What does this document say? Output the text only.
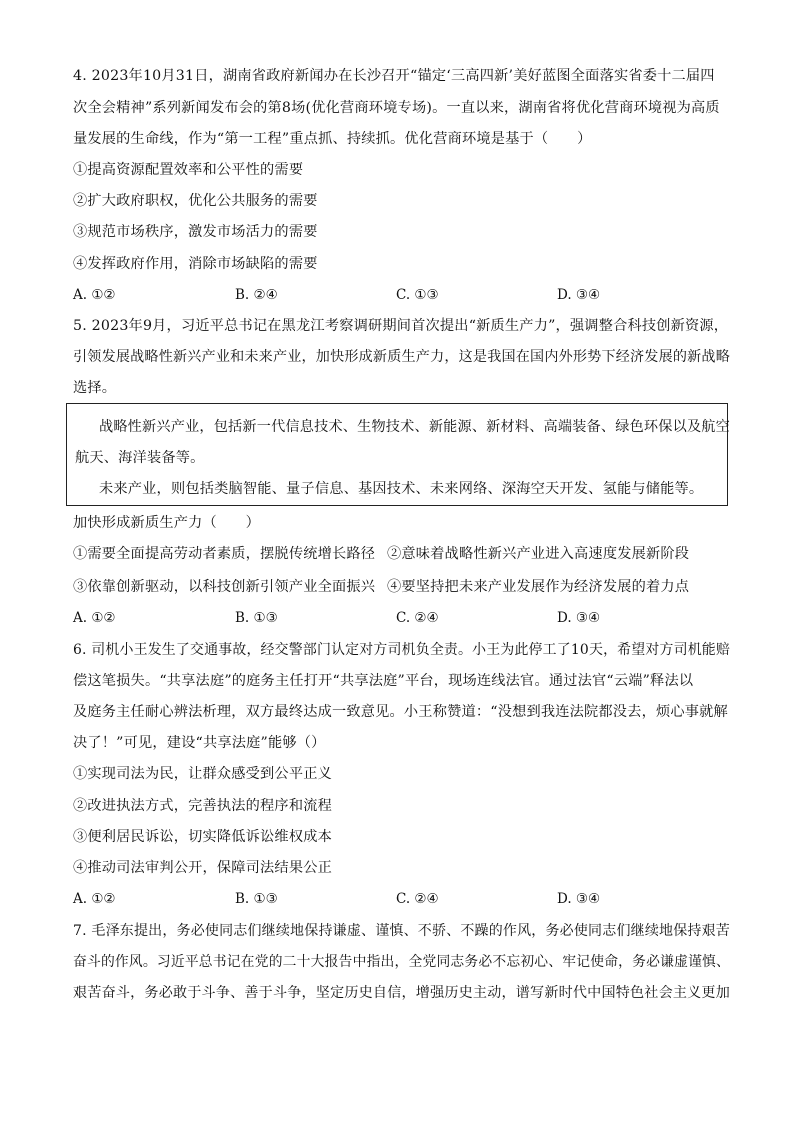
4. 2023年10月31日，湖南省政府新闻办在长沙召开“锚定‘三高四新’美好蓝图全面落实省委十二届四
次全会精神”系列新闻发布会的第8场(优化营商环境专场)。一直以来，湖南省将优化营商环境视为高质
量发展的生命线，作为“第一工程”重点抓、持续抓。优化营商环境是基于（　　）
①提高资源配置效率和公平性的需要
②扩大政府职权，优化公共服务的需要
③规范市场秩序，激发市场活力的需要
④发挥政府作用，消除市场缺陷的需要
A. ①②	B. ②④	C. ①③	D. ③④
5. 2023年9月，习近平总书记在黑龙江考察调研期间首次提出“新质生产力”，强调整合科技创新资源，
引领发展战略性新兴产业和未来产业，加快形成新质生产力，这是我国在国内外形势下经济发展的新战略
选择。
战略性新兴产业，包括新一代信息技术、生物技术、新能源、新材料、高端装备、绿色环保以及航空
航天、海洋装备等。
未来产业，则包括类脑智能、量子信息、基因技术、未来网络、深海空天开发、氢能与储能等。
加快形成新质生产力（　　）
①需要全面提高劳动者素质，摆脱传统增长路径 ②意味着战略性新兴产业进入高速度发展新阶段
③依靠创新驱动，以科技创新引领产业全面振兴 ④要坚持把未来产业发展作为经济发展的着力点
A. ①②	B. ①③	C. ②④	D. ③④
6. 司机小王发生了交通事故，经交警部门认定对方司机负全责。小王为此停工了10天，希望对方司机能赔
偿这笔损失。“共享法庭”的庭务主任打开“共享法庭”平台，现场连线法官。通过法官“云端”释法以
及庭务主任耐心辨法析理，双方最终达成一致意见。小王称赞道：“没想到我连法院都没去，烦心事就解
决了！”可见，建设“共享法庭”能够（）
①实现司法为民，让群众感受到公平正义
②改进执法方式，完善执法的程序和流程
③便利居民诉讼，切实降低诉讼维权成本
④推动司法审判公开，保障司法结果公正
A. ①②	B. ①③	C. ②④	D. ③④
7. 毛泽东提出，务必使同志们继续地保持谦虚、谨慎、不骄、不躁的作风，务必使同志们继续地保持艰苦
奋斗的作风。习近平总书记在党的二十大报告中指出，全党同志务必不忘初心、牢记使命，务必谦虚谨慎、
艰苦奋斗，务必敢于斗争、善于斗争，坚定历史自信，增强历史主动，谱写新时代中国特色社会主义更加
